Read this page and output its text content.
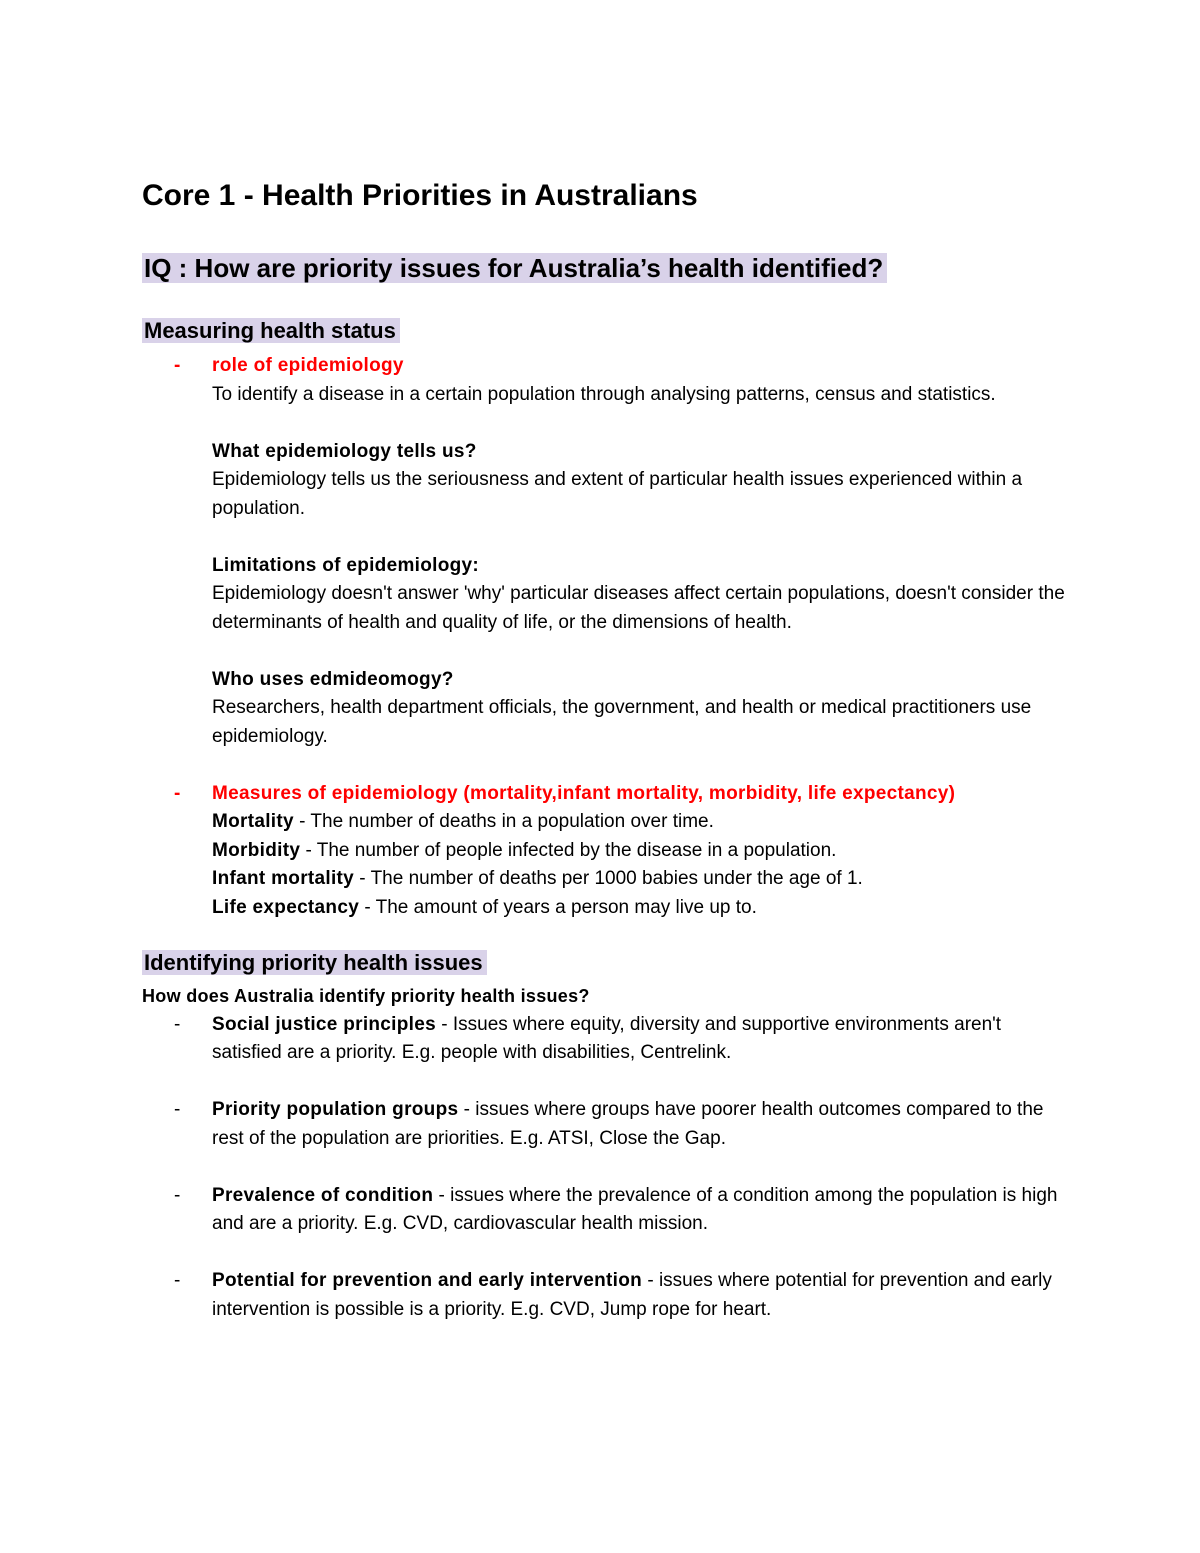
Core 1 - Health Priorities in Australians
IQ : How are priority issues for Australia’s health identified?
Measuring health status
- role of epidemiology

To identify a disease in a certain population through analysing patterns, census and statistics.

What epidemiology tells us?

Epidemiology tells us the seriousness and extent of particular health issues experienced within a population.

Limitations of epidemiology:

Epidemiology doesn't answer 'why' particular diseases affect certain populations, doesn't consider the determinants of health and quality of life, or the dimensions of health.

Who uses edmideomogy?

Researchers, health department officials, the government, and health or medical practitioners use epidemiology.

- Measures of epidemiology (mortality,infant mortality, morbidity, life expectancy)

Mortality - The number of deaths in a population over time.

Morbidity - The number of people infected by the disease in a population.

Infant mortality - The number of deaths per 1000 babies under the age of 1.

Life expectancy - The amount of years a person may live up to.

Identifying priority health issues

How does Australia identify priority health issues?

- Social justice principles - Issues where equity, diversity and supportive environments aren't satisfied are a priority. E.g. people with disabilities, Centrelink.
- Priority population groups - issues where groups have poorer health outcomes compared to the rest of the population are priorities. E.g. ATSI, Close the Gap.
- Prevalence of condition - issues where the prevalence of a condition among the population is high and are a priority. E.g. CVD, cardiovascular health mission.
- Potential for prevention and early intervention - issues where potential for prevention and early intervention is possible is a priority. E.g. CVD, Jump rope for heart.
